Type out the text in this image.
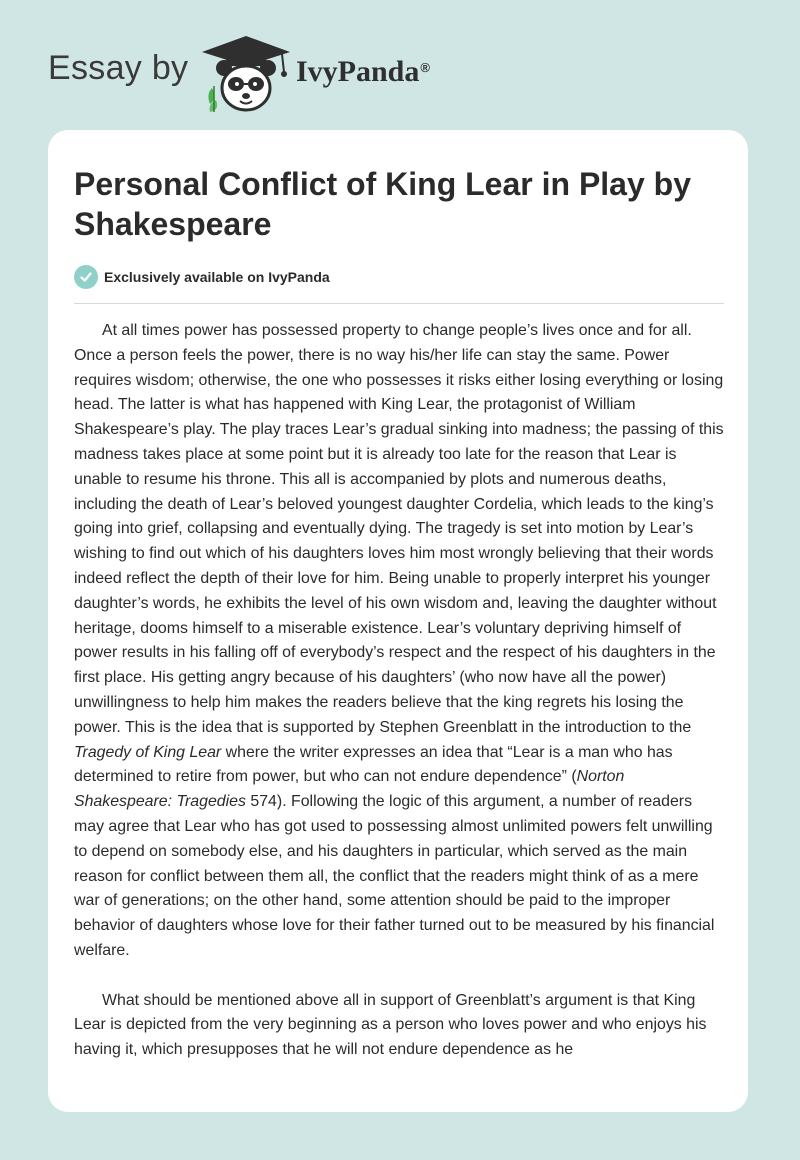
Essay by	IvyPanda®
Personal Conflict of King Lear in Play by Shakespeare
Exclusively available on IvyPanda

At all times power has possessed property to change people’s lives once and for all. Once a person feels the power, there is no way his/her life can stay the same. Power requires wisdom; otherwise, the one who possesses it risks either losing everything or losing head. The latter is what has happened with King Lear, the protagonist of William Shakespeare’s play. The play traces Lear’s gradual sinking into madness; the passing of this madness takes place at some point but it is already too late for the reason that Lear is unable to resume his throne. This all is accompanied by plots and numerous deaths, including the death of Lear’s beloved youngest daughter Cordelia, which leads to the king’s going into grief, collapsing and eventually dying. The tragedy is set into motion by Lear’s wishing to find out which of his daughters loves him most wrongly believing that their words indeed reflect the depth of their love for him. Being unable to properly interpret his younger daughter’s words, he exhibits the level of his own wisdom and, leaving the daughter without heritage, dooms himself to a miserable existence. Lear’s voluntary depriving himself of power results in his falling off of everybody’s respect and the respect of his daughters in the first place. His getting angry because of his daughters’ (who now have all the power) unwillingness to help him makes the readers believe that the king regrets his losing the power. This is the idea that is supported by Stephen Greenblatt in the introduction to the Tragedy of King Lear where the writer expresses an idea that “Lear is a man who has determined to retire from power, but who can not endure dependence” (Norton Shakespeare: Tragedies 574). Following the logic of this argument, a number of readers may agree that Lear who has got used to possessing almost unlimited powers felt unwilling to depend on somebody else, and his daughters in particular, which served as the main reason for conflict between them all, the conflict that the readers might think of as a mere war of generations; on the other hand, some attention should be paid to the improper behavior of daughters whose love for their father turned out to be measured by his financial welfare.

What should be mentioned above all in support of Greenblatt’s argument is that King Lear is depicted from the very beginning as a person who loves power and who enjoys his having it, which presupposes that he will not endure dependence as he
